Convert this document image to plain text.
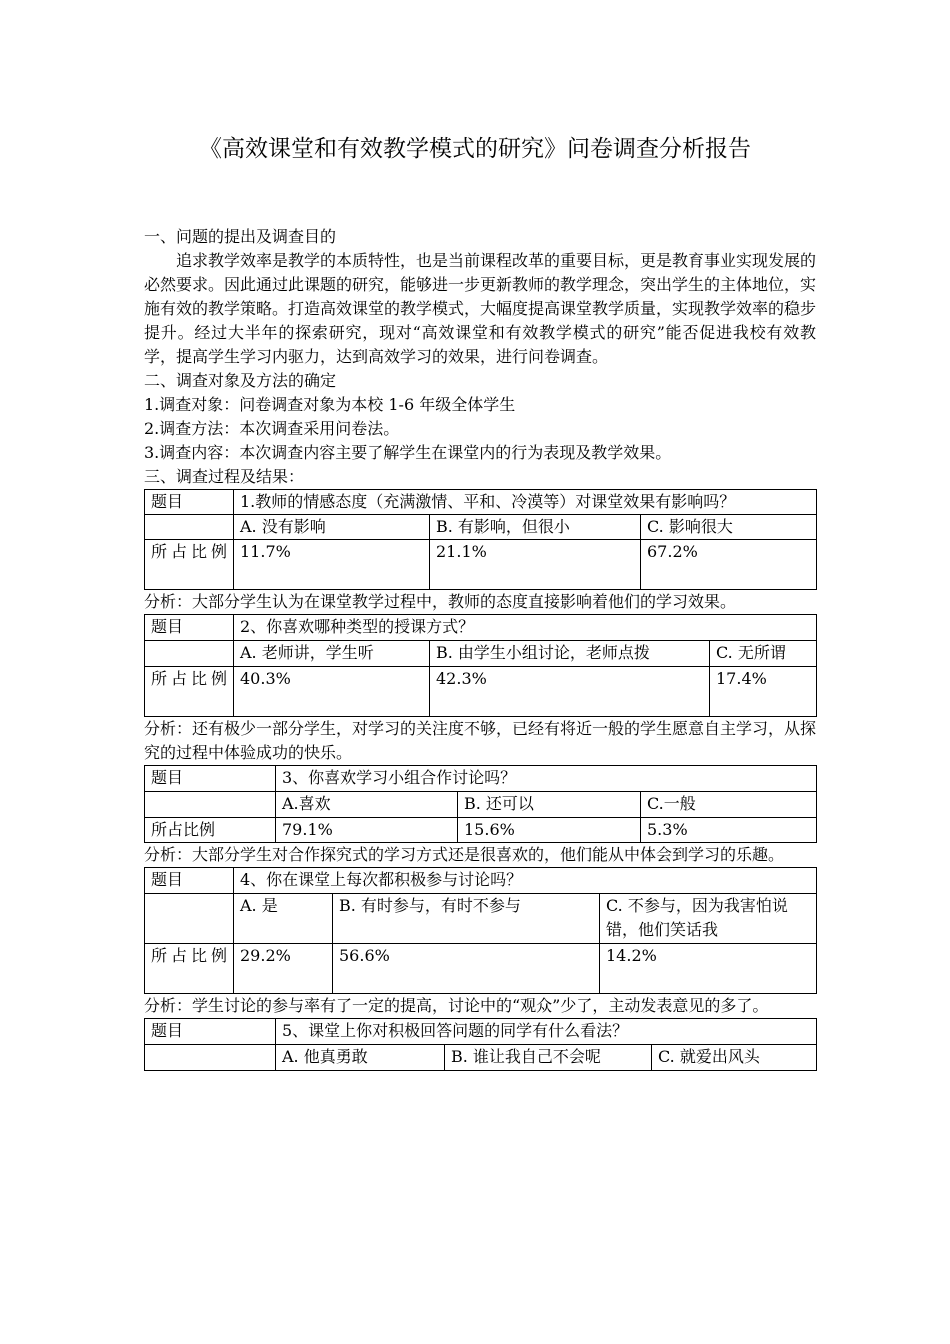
《高效课堂和有效教学模式的研究》问卷调查分析报告

一、问题的提出及调查目的

追求教学效率是教学的本质特性，也是当前课程改革的重要目标，更是教育事业实现发展的必然要求。因此通过此课题的研究，能够进一步更新教师的教学理念，突出学生的主体地位，实施有效的教学策略。打造高效课堂的教学模式，大幅度提高课堂教学质量，实现教学效率的稳步提升。经过大半年的探索研究，现对“高效课堂和有效教学模式的研究”能否促进我校有效教学，提高学生学习内驱力，达到高效学习的效果，进行问卷调查。

二、调查对象及方法的确定

1.调查对象：问卷调查对象为本校 1-6 年级全体学生

2.调查方法：本次调查采用问卷法。

3.调查内容：本次调查内容主要了解学生在课堂内的行为表现及教学效果。

三、调查过程及结果：

题目	1.教师的情感态度（充满激情、平和、冷漠等）对课堂效果有影响吗？		
	A. 没有影响	B. 有影响，但很小	C. 影响很大
所占比例	11.7%	21.1%	67.2%

分析：大部分学生认为在课堂教学过程中，教师的态度直接影响着他们的学习效果。

题目	2、你喜欢哪种类型的授课方式？		
	A. 老师讲，学生听	B. 由学生小组讨论，老师点拨	C. 无所谓
所占比例	40.3%	42.3%	17.4%

分析：还有极少一部分学生，对学习的关注度不够，已经有将近一般的学生愿意自主学习，从探究的过程中体验成功的快乐。

题目	3、你喜欢学习小组合作讨论吗？		
	A.喜欢	B. 还可以	C.一般
所占比例	79.1%	15.6%	5.3%

分析：大部分学生对合作探究式的学习方式还是很喜欢的，他们能从中体会到学习的乐趣。

题目	4、你在课堂上每次都积极参与讨论吗？		
	A. 是	B. 有时参与，有时不参与	C. 不参与，因为我害怕说错，他们笑话我
所占比例	29.2%	56.6%	14.2%

分析：学生讨论的参与率有了一定的提高，讨论中的“观众”少了，主动发表意见的多了。

题目	5、课堂上你对积极回答问题的同学有什么看法？		
	A. 他真勇敢	B. 谁让我自己不会呢	C. 就爱出风头
